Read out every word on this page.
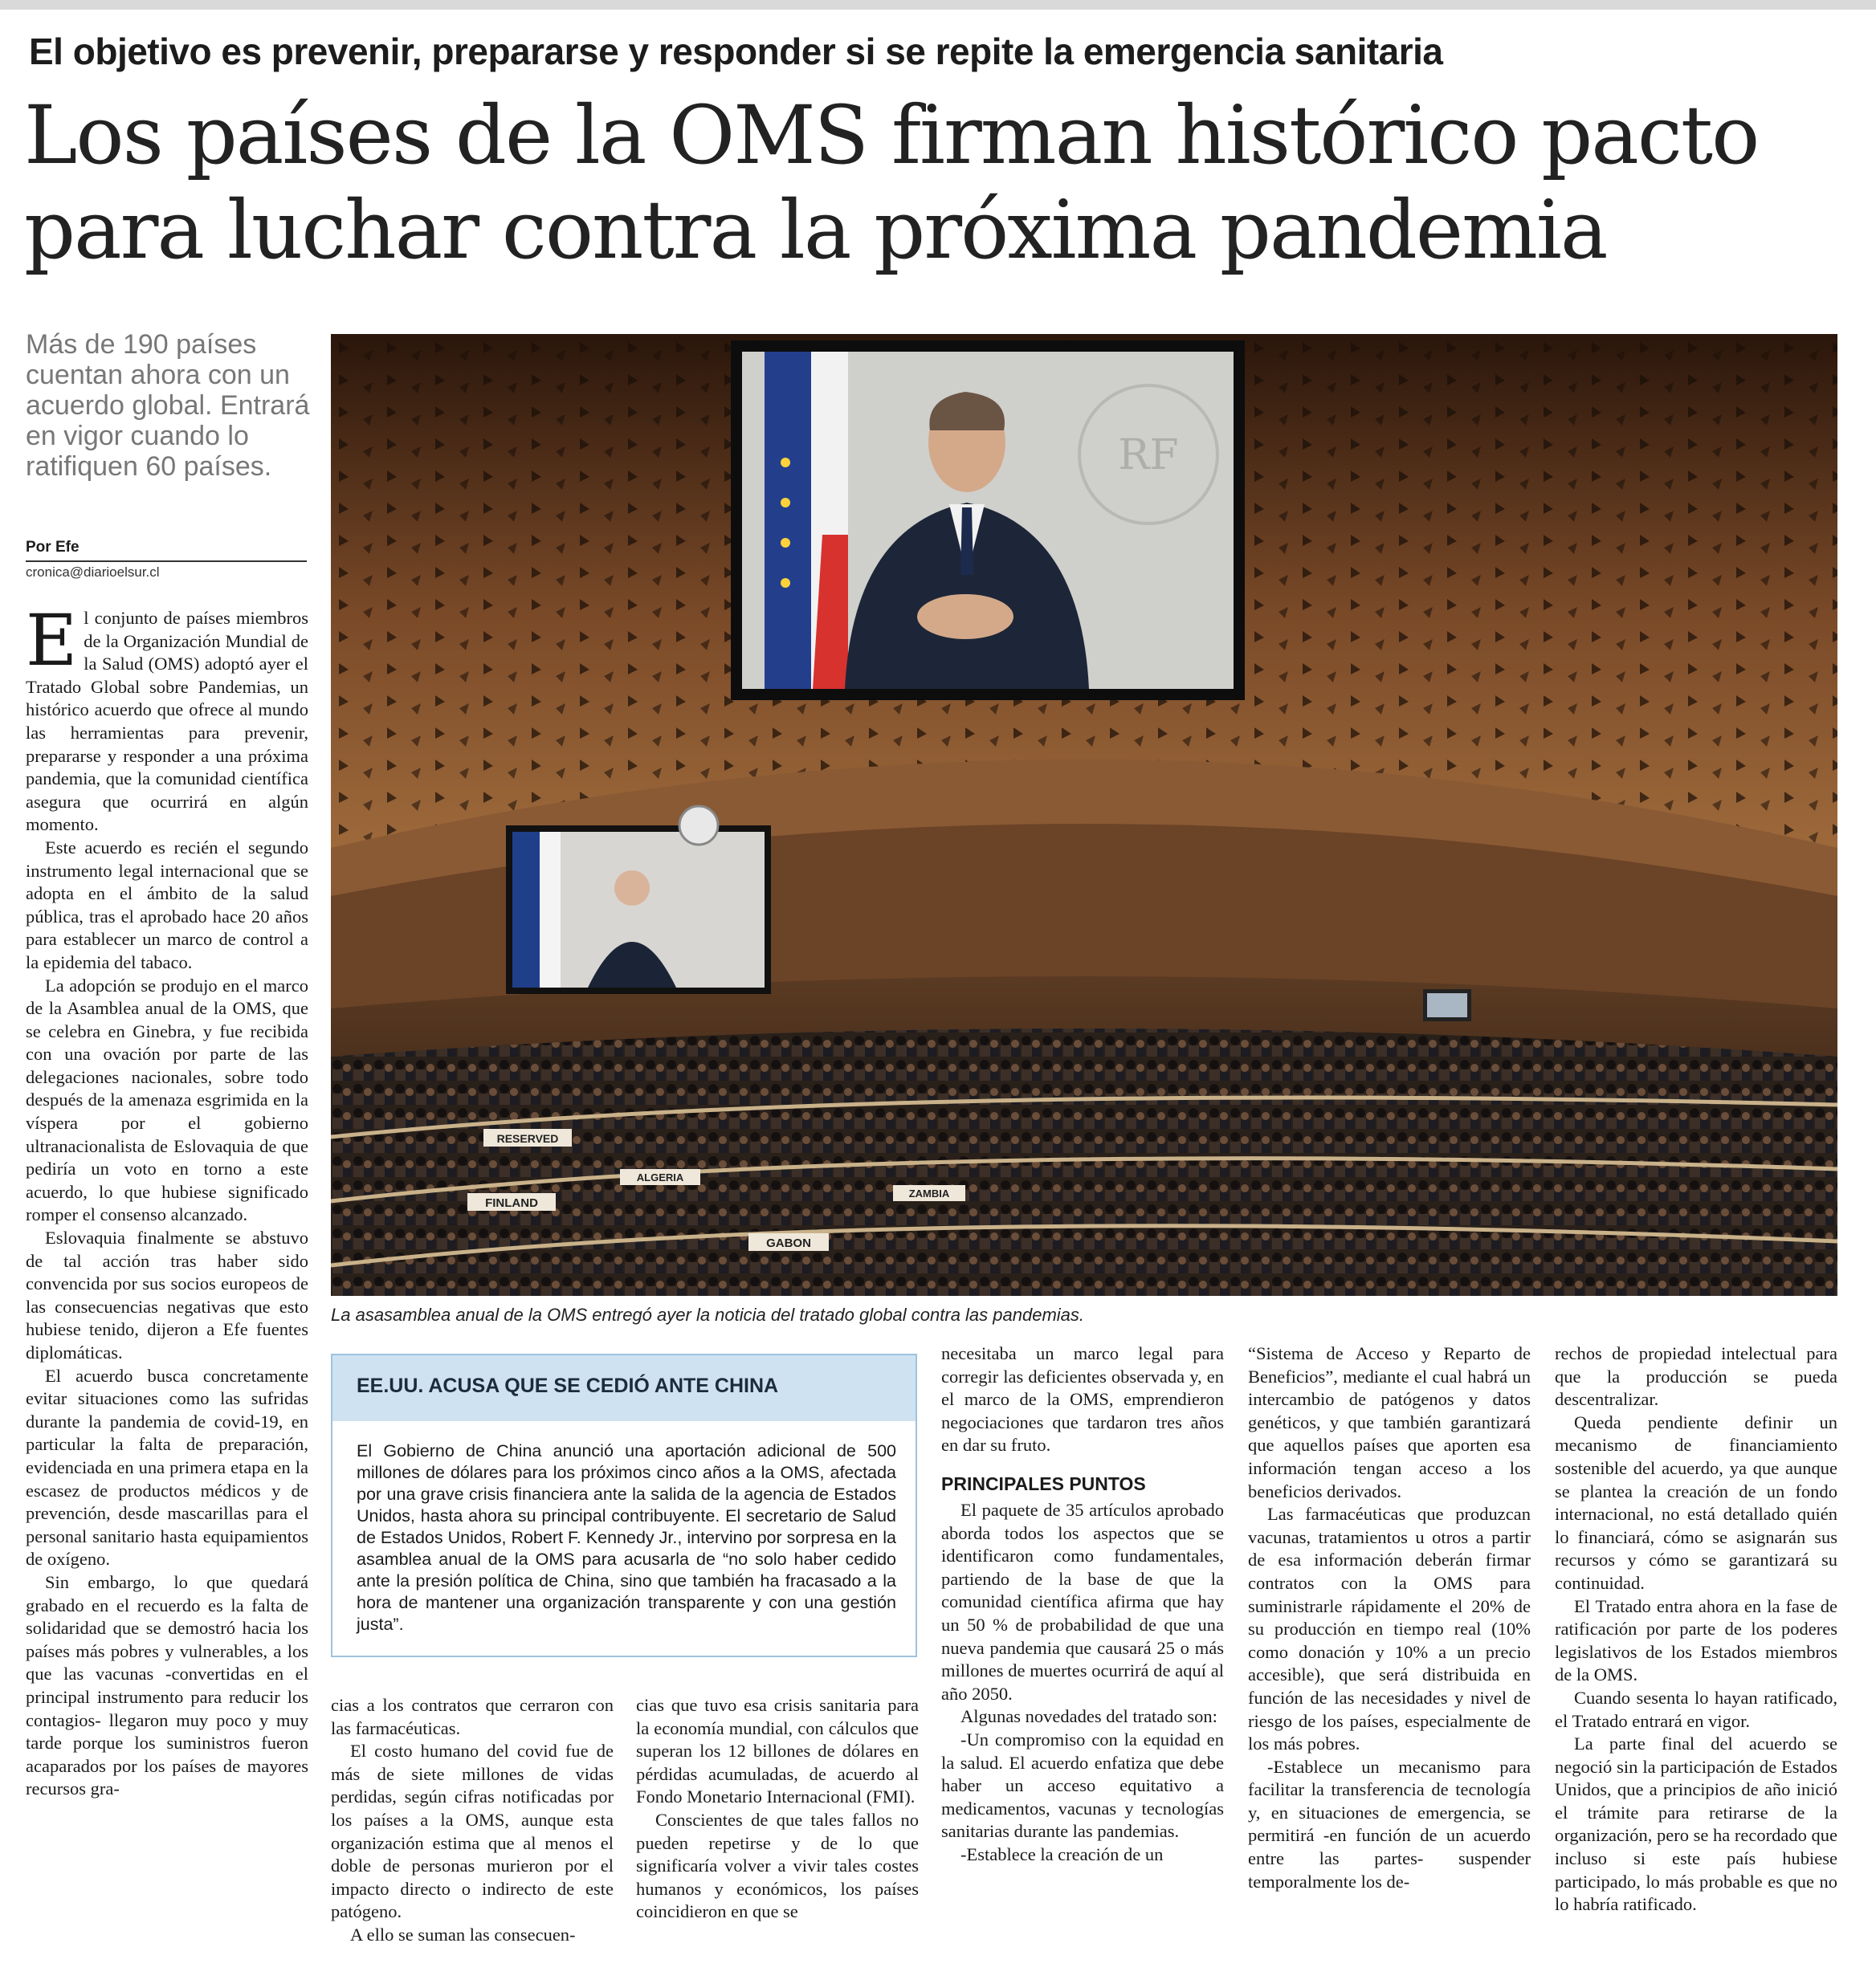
El objetivo es prevenir, prepararse y responder si se repite la emergencia sanitaria
Los países de la OMS firman histórico pacto
para luchar contra la próxima pandemia
Más de 190 países cuentan ahora con un acuerdo global. Entrará en vigor cuando lo ratifiquen 60 países.
Por Efe
cronica@diarioelsur.cl

El conjunto de países miembros de la Organización Mundial de la Salud (OMS) adoptó ayer el Tratado Global sobre Pandemias, un histórico acuerdo que ofrece al mundo las herramientas para prevenir, prepararse y responder a una próxima pandemia, que la comunidad científica asegura que ocurrirá en algún momento.

Este acuerdo es recién el segundo instrumento legal internacional que se adopta en el ámbito de la salud pública, tras el aprobado hace 20 años para establecer un marco de control a la epidemia del tabaco.

La adopción se produjo en el marco de la Asamblea anual de la OMS, que se celebra en Ginebra, y fue recibida con una ovación por parte de las delegaciones nacionales, sobre todo después de la amenaza esgrimida en la víspera por el gobierno ultranacionalista de Eslovaquia de que pediría un voto en torno a este acuerdo, lo que hubiese significado romper el consenso alcanzado.

Eslovaquia finalmente se abstuvo de tal acción tras haber sido convencida por sus socios europeos de las consecuencias negativas que esto hubiese tenido, dijeron a Efe fuentes diplomáticas.

El acuerdo busca concretamente evitar situaciones como las sufridas durante la pandemia de covid-19, en particular la falta de preparación, evidenciada en una primera etapa en la escasez de productos médicos y de prevención, desde mascarillas para el personal sanitario hasta equipamientos de oxígeno.

Sin embargo, lo que quedará grabado en el recuerdo es la falta de solidaridad que se demostró hacia los países más pobres y vulnerables, a los que las vacunas -convertidas en el principal instrumento para reducir los contagios- llegaron muy poco y muy tarde porque los suministros fueron acaparados por los países de mayores recursos gra-

RF
FINLAND
GABON
RESERVED
ALGERIA
ZAMBIA
La asasamblea anual de la OMS entregó ayer la noticia del tratado global contra las pandemias.
EE.UU. ACUSA QUE SE CEDIÓ ANTE CHINA
El Gobierno de China anunció una aportación adicional de 500 millones de dólares para los próximos cinco años a la OMS, afectada por una grave crisis financiera ante la salida de la agencia de Estados Unidos, hasta ahora su principal contribuyente. El secretario de Salud de Estados Unidos, Robert F. Kennedy Jr., intervino por sorpresa en la asamblea anual de la OMS para acusarla de “no solo haber cedido ante la presión política de China, sino que también ha fracasado a la hora de mantener una organización transparente y con una gestión justa”.

cias a los contratos que cerraron con las farmacéuticas.

El costo humano del covid fue de más de siete millones de vidas perdidas, según cifras notificadas por los países a la OMS, aunque esta organización estima que al menos el doble de personas murieron por el impacto directo o indirecto de este patógeno.

A ello se suman las consecuen-

cias que tuvo esa crisis sanitaria para la economía mundial, con cálculos que superan los 12 billones de dólares en pérdidas acumuladas, de acuerdo al Fondo Monetario Internacional (FMI).

Conscientes de que tales fallos no pueden repetirse y de lo que significaría volver a vivir tales costes humanos y económicos, los países coincidieron en que se

necesitaba un marco legal para corregir las deficientes observada y, en el marco de la OMS, emprendieron negociaciones que tardaron tres años en dar su fruto.

PRINCIPALES PUNTOS

El paquete de 35 artículos aprobado aborda todos los aspectos que se identificaron como fundamentales, partiendo de la base de que la comunidad científica afirma que hay un 50 % de probabilidad de que una nueva pandemia que causará 25 o más millones de muertes ocurrirá de aquí al año 2050.

Algunas novedades del tratado son:

-Un compromiso con la equidad en la salud. El acuerdo enfatiza que debe haber un acceso equitativo a medicamentos, vacunas y tecnologías sanitarias durante las pandemias.

-Establece la creación de un

“Sistema de Acceso y Reparto de Beneficios”, mediante el cual habrá un intercambio de patógenos y datos genéticos, y que también garantizará que aquellos países que aporten esa información tengan acceso a los beneficios derivados.

Las farmacéuticas que produzcan vacunas, tratamientos u otros a partir de esa información deberán firmar contratos con la OMS para suministrarle rápidamente el 20% de su producción en tiempo real (10% como donación y 10% a un precio accesible), que será distribuida en función de las necesidades y nivel de riesgo de los países, especialmente de los más pobres.

-Establece un mecanismo para facilitar la transferencia de tecnología y, en situaciones de emergencia, se permitirá -en función de un acuerdo entre las partes- suspender temporalmente los de-

rechos de propiedad intelectual para que la producción se pueda descentralizar.

Queda pendiente definir un mecanismo de financiamiento sostenible del acuerdo, ya que aunque se plantea la creación de un fondo internacional, no está detallado quién lo financiará, cómo se asignarán sus recursos y cómo se garantizará su continuidad.

El Tratado entra ahora en la fase de ratificación por parte de los poderes legislativos de los Estados miembros de la OMS.

Cuando sesenta lo hayan ratificado, el Tratado entrará en vigor.

La parte final del acuerdo se negoció sin la participación de Estados Unidos, que a principios de año inició el trámite para retirarse de la organización, pero se ha recordado que incluso si este país hubiese participado, lo más probable es que no lo habría ratificado.
